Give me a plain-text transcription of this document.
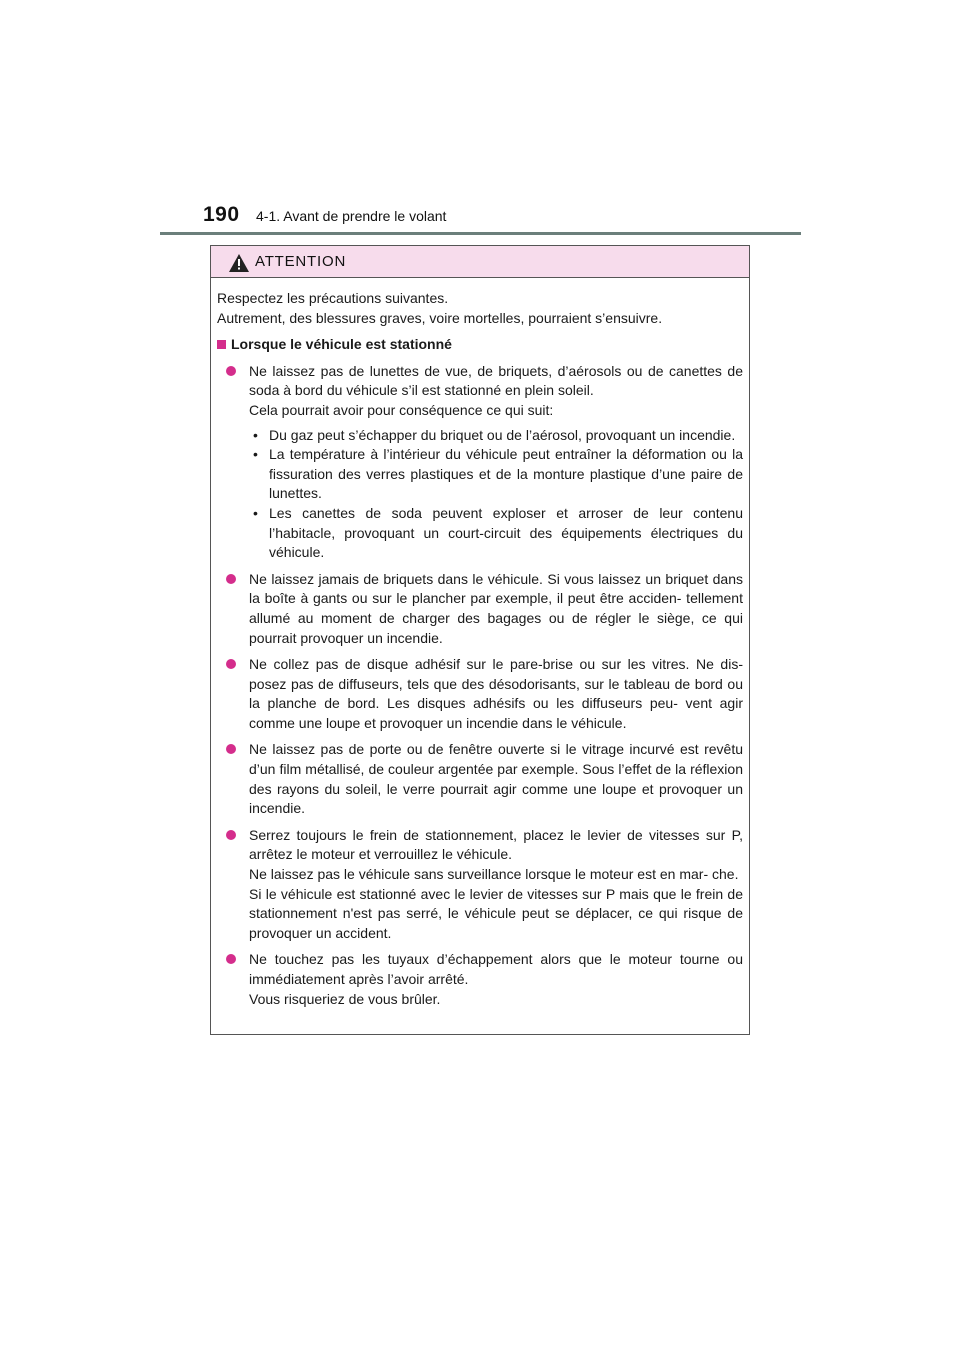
190 4-1. Avant de prendre le volant
ATTENTION

Respectez les précautions suivantes.

Autrement, des blessures graves, voire mortelles, pourraient s’ensuivre.

Lorsque le véhicule est stationné

Ne laissez pas de lunettes de vue, de briquets, d’aérosols ou de canettes de soda à bord du véhicule s’il est stationné en plein soleil.

Cela pourrait avoir pour conséquence ce qui suit:

• Du gaz peut s’échapper du briquet ou de l’aérosol, provoquant un incendie.
• La température à l’intérieur du véhicule peut entraîner la déformation ou la fissuration des verres plastiques et de la monture plastique d’une paire de lunettes.
• Les canettes de soda peuvent exploser et arroser de leur contenu l’habitacle, provoquant un court-circuit des équipements électriques du véhicule.

Ne laissez jamais de briquets dans le véhicule. Si vous laissez un briquet dans la boîte à gants ou sur le plancher par exemple, il peut être acciden- tellement allumé au moment de charger des bagages ou de régler le siège, ce qui pourrait provoquer un incendie.

Ne collez pas de disque adhésif sur le pare-brise ou sur les vitres. Ne dis- posez pas de diffuseurs, tels que des désodorisants, sur le tableau de bord ou la planche de bord. Les disques adhésifs ou les diffuseurs peu- vent agir comme une loupe et provoquer un incendie dans le véhicule.

Ne laissez pas de porte ou de fenêtre ouverte si le vitrage incurvé est revêtu d’un film métallisé, de couleur argentée par exemple. Sous l’effet de la réflexion des rayons du soleil, le verre pourrait agir comme une loupe et provoquer un incendie.

Serrez toujours le frein de stationnement, placez le levier de vitesses sur P, arrêtez le moteur et verrouillez le véhicule.

Ne laissez pas le véhicule sans surveillance lorsque le moteur est en mar- che.

Si le véhicule est stationné avec le levier de vitesses sur P mais que le frein de stationnement n'est pas serré, le véhicule peut se déplacer, ce qui risque de provoquer un accident.

Ne touchez pas les tuyaux d’échappement alors que le moteur tourne ou immédiatement après l’avoir arrêté.

Vous risqueriez de vous brûler.
